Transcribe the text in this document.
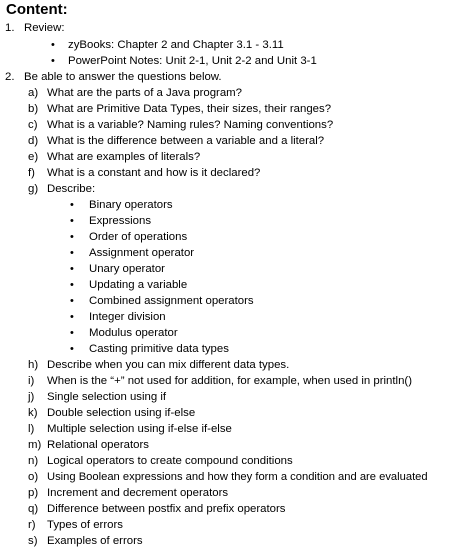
Content:
1. Review:
• zyBooks: Chapter 2 and Chapter 3.1 - 3.11
• PowerPoint Notes: Unit 2-1, Unit 2-2 and Unit 3-1
2. Be able to answer the questions below.
a) What are the parts of a Java program?
b) What are Primitive Data Types, their sizes, their ranges?
c) What is a variable? Naming rules? Naming conventions?
d) What is the difference between a variable and a literal?
e) What are examples of literals?
f) What is a constant and how is it declared?
g) Describe:
• Binary operators
• Expressions
• Order of operations
• Assignment operator
• Unary operator
• Updating a variable
• Combined assignment operators
• Integer division
• Modulus operator
• Casting primitive data types
h) Describe when you can mix different data types.
i) When is the “+” not used for addition, for example, when used in println()
j) Single selection using if
k) Double selection using if-else
l) Multiple selection using if-else if-else
m) Relational operators
n) Logical operators to create compound conditions
o) Using Boolean expressions and how they form a condition and are evaluated
p) Increment and decrement operators
q) Difference between postfix and prefix operators
r) Types of errors
s) Examples of errors
